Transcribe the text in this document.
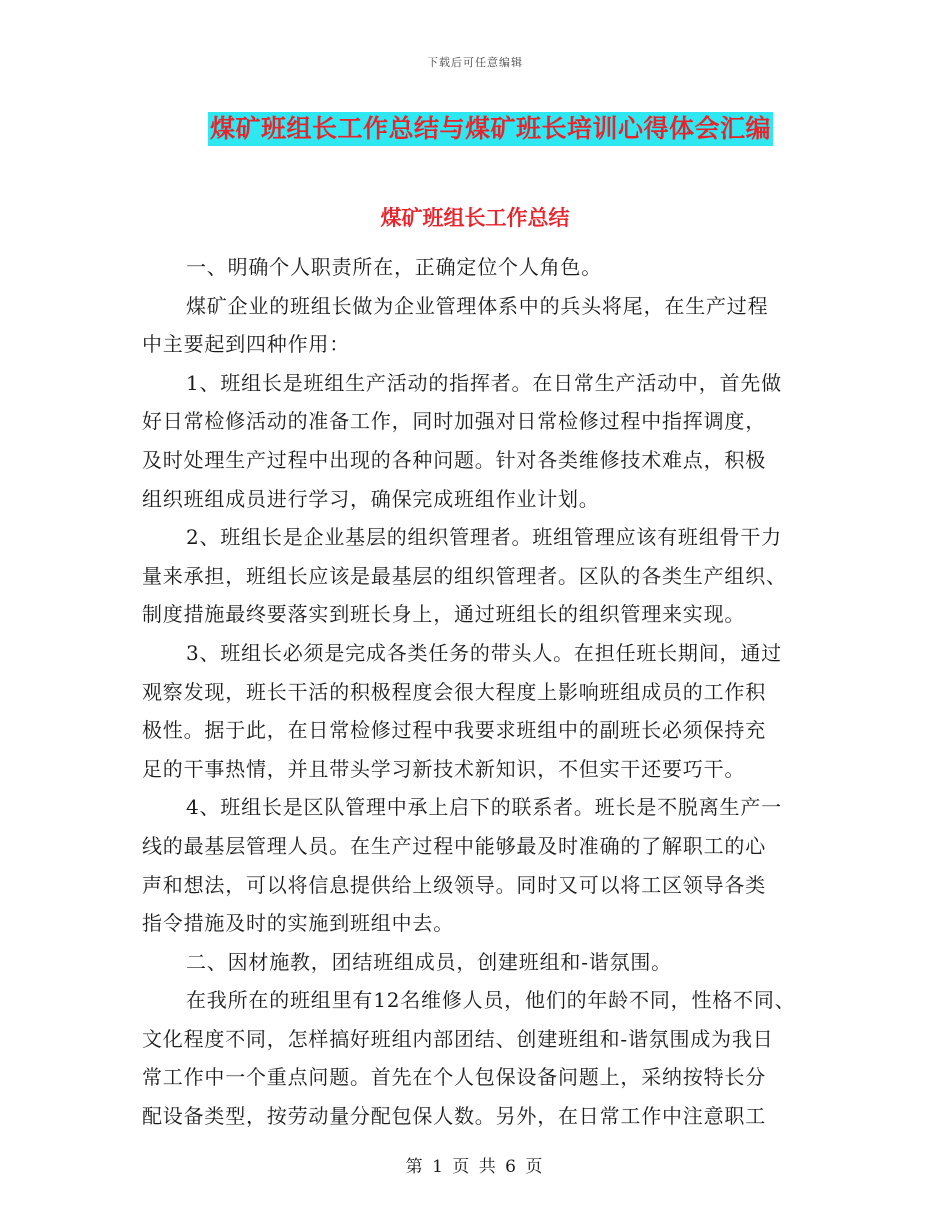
下载后可任意编辑
煤矿班组长工作总结与煤矿班长培训心得体会汇编
煤矿班组长工作总结
一、明确个人职责所在，正确定位个人角色。
煤矿企业的班组长做为企业管理体系中的兵头将尾，在生产过程
中主要起到四种作用：
1、班组长是班组生产活动的指挥者。在日常生产活动中，首先做
好日常检修活动的准备工作，同时加强对日常检修过程中指挥调度，
及时处理生产过程中出现的各种问题。针对各类维修技术难点，积极
组织班组成员进行学习，确保完成班组作业计划。
2、班组长是企业基层的组织管理者。班组管理应该有班组骨干力
量来承担，班组长应该是最基层的组织管理者。区队的各类生产组织、
制度措施最终要落实到班长身上，通过班组长的组织管理来实现。
3、班组长必须是完成各类任务的带头人。在担任班长期间，通过
观察发现，班长干活的积极程度会很大程度上影响班组成员的工作积
极性。据于此，在日常检修过程中我要求班组中的副班长必须保持充
足的干事热情，并且带头学习新技术新知识，不但实干还要巧干。
4、班组长是区队管理中承上启下的联系者。班长是不脱离生产一
线的最基层管理人员。在生产过程中能够最及时准确的了解职工的心
声和想法，可以将信息提供给上级领导。同时又可以将工区领导各类
指令措施及时的实施到班组中去。
二、因材施教，团结班组成员，创建班组和-谐氛围。
在我所在的班组里有12名维修人员，他们的年龄不同，性格不同、
文化程度不同，怎样搞好班组内部团结、创建班组和-谐氛围成为我日
常工作中一个重点问题。首先在个人包保设备问题上，采纳按特长分
配设备类型，按劳动量分配包保人数。另外，在日常工作中注意职工
第 1 页 共 6 页
